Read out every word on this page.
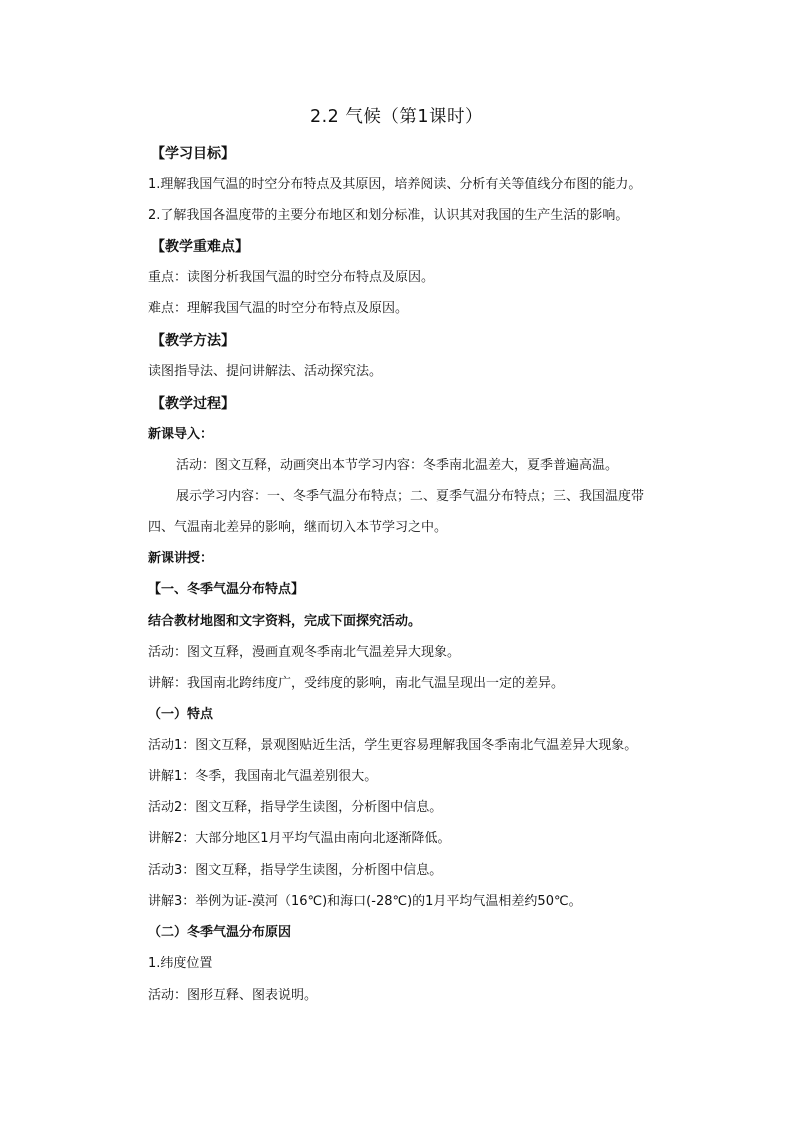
2.2 气候（第1课时）
【学习目标】
1.理解我国气温的时空分布特点及其原因，培养阅读、分析有关等值线分布图的能力。
2.了解我国各温度带的主要分布地区和划分标准，认识其对我国的生产生活的影响。
【教学重难点】
重点：读图分析我国气温的时空分布特点及原因。
难点：理解我国气温的时空分布特点及原因。
【教学方法】
读图指导法、提问讲解法、活动探究法。
【教学过程】
新课导入：
活动：图文互释，动画突出本节学习内容：冬季南北温差大，夏季普遍高温。
展示学习内容：一、冬季气温分布特点；二、夏季气温分布特点；三、我国温度带
四、气温南北差异的影响，继而切入本节学习之中。
新课讲授：
【一、冬季气温分布特点】
结合教材地图和文字资料，完成下面探究活动。
活动：图文互释，漫画直观冬季南北气温差异大现象。
讲解：我国南北跨纬度广，受纬度的影响，南北气温呈现出一定的差异。
（一）特点
活动1：图文互释，景观图贴近生活，学生更容易理解我国冬季南北气温差异大现象。
讲解1：冬季，我国南北气温差别很大。
活动2：图文互释，指导学生读图，分析图中信息。
讲解2：大部分地区1月平均气温由南向北逐渐降低。
活动3：图文互释，指导学生读图，分析图中信息。
讲解3：举例为证-漠河（16℃)和海口(-28℃)的1月平均气温相差约50℃。
（二）冬季气温分布原因
1.纬度位置
活动：图形互释、图表说明。
